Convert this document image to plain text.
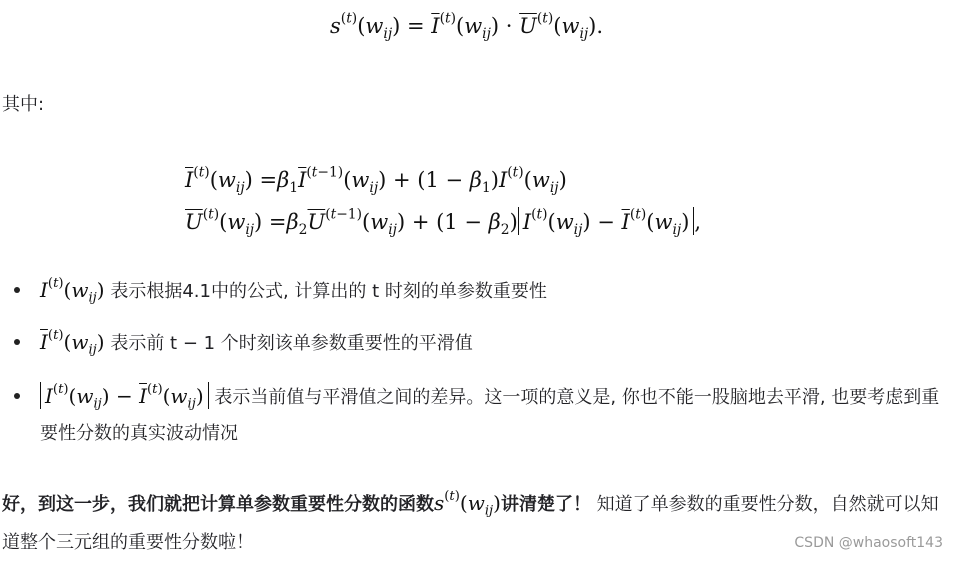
$s^{(t)}(w_{ij}) = \overline{I}^{(t)}(w_{ij}) \cdot \overline{U}^{(t)}(w_{ij})$.
其中:
$\overline{I}^{(t)}(w_{ij}) =\beta_1\overline{I}^{(t-1)}(w_{ij}) + (1 - \beta_1)I^{(t)}(w_{ij})$
$\overline{U}^{(t)}(w_{ij}) =\beta_2\overline{U}^{(t-1)}(w_{ij}) + (1 - \beta_2) I^{(t)}(w_{ij}) - \overline{I}^{(t)}(w_{ij})$ ,
$I^{(t)}(w_{ij})$ 表示根据4.1中的公式, 计算出的 t 时刻的单参数重要性
$\overline{I}^{(t)}(w_{ij})$ 表示前 t − 1 个时刻该单参数重要性的平滑值
$I^{(t)}(w_{ij}) - \overline{I}^{(t)}(w_{ij})$ 表示当前值与平滑值之间的差异。这一项的意义是, 你也不能一股脑地去平滑, 也要考虑到重要性分数的真实波动情况
好，到这一步，我们就把计算单参数重要性分数的函数$s^{(t)}(w_{ij})$讲清楚了！ 知道了单参数的重要性分数，自然就可以知道整个三元组的重要性分数啦！	CSDN @whaosoft143
